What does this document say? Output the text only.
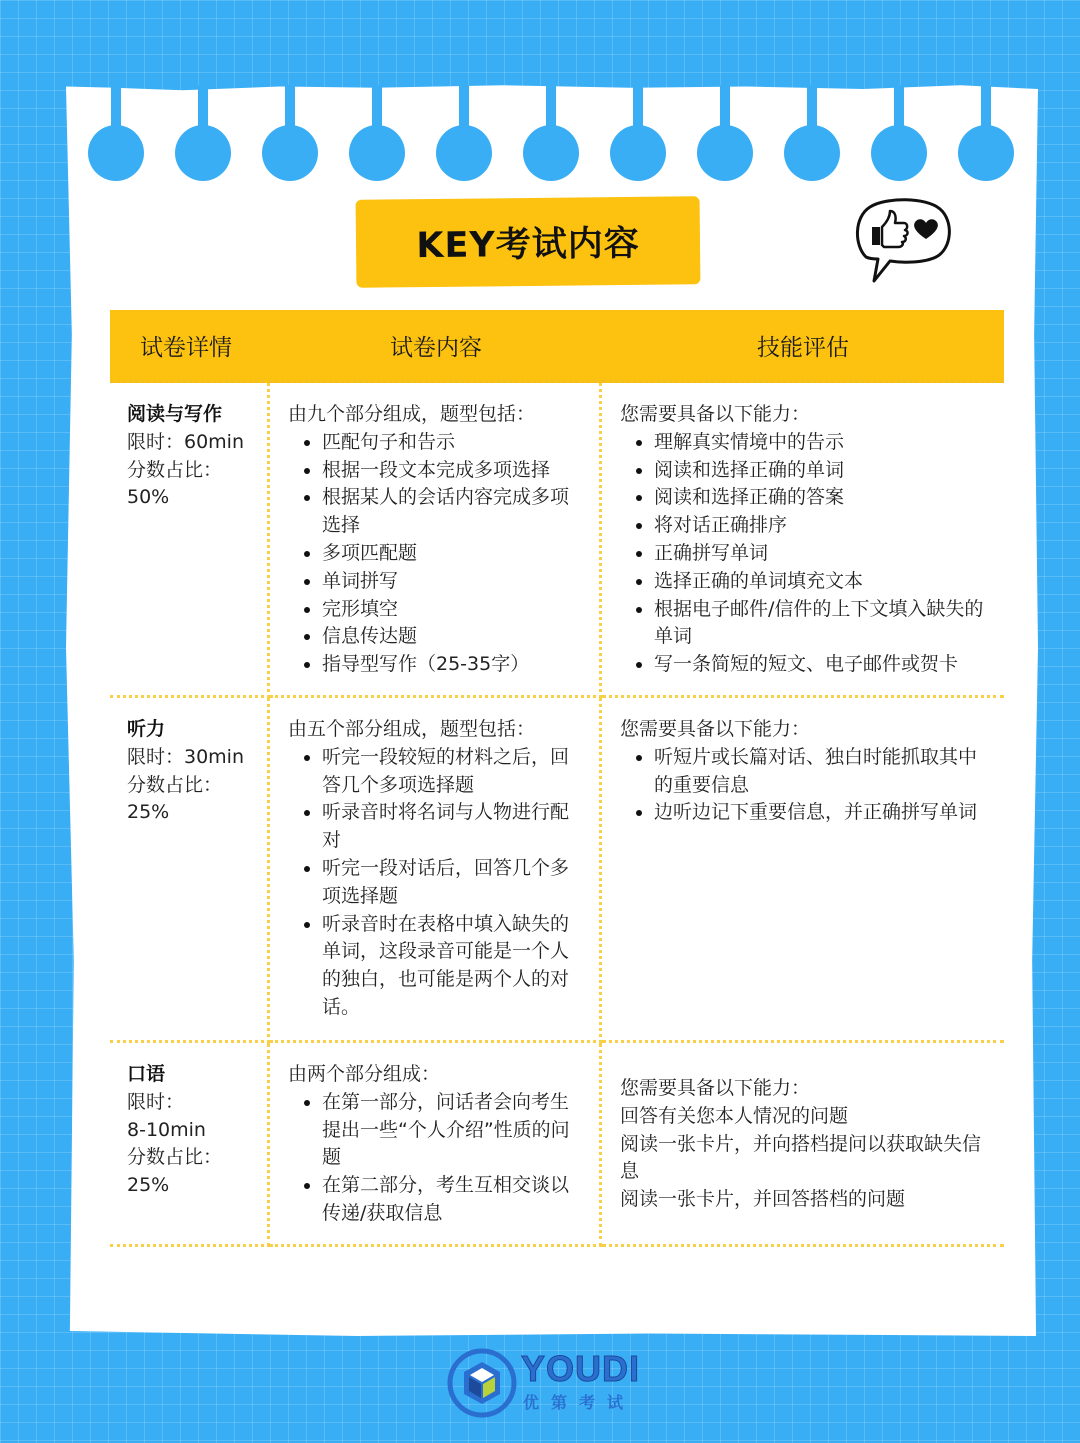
KEY考试内容
试卷详情	试卷内容	技能评估
阅读与写作
限时：60min
分数占比：
50%
由九个部分组成，题型包括：
• 匹配句子和告示
• 根据一段文本完成多项选择
• 根据某人的会话内容完成多项选择
• 多项匹配题
• 单词拼写
• 完形填空
• 信息传达题
• 指导型写作（25-35字）
您需要具备以下能力：
• 理解真实情境中的告示
• 阅读和选择正确的单词
• 阅读和选择正确的答案
• 将对话正确排序
• 正确拼写单词
• 选择正确的单词填充文本
• 根据电子邮件/信件的上下文填入缺失的单词
• 写一条简短的短文、电子邮件或贺卡
听力
限时：30min
分数占比：
25%
由五个部分组成，题型包括：
• 听完一段较短的材料之后，回答几个多项选择题
• 听录音时将名词与人物进行配对
• 听完一段对话后，回答几个多项选择题
• 听录音时在表格中填入缺失的单词，这段录音可能是一个人的独白，也可能是两个人的对话。
您需要具备以下能力：
• 听短片或长篇对话、独白时能抓取其中的重要信息
• 边听边记下重要信息，并正确拼写单词
口语
限时：
8-10min
分数占比：
25%
由两个部分组成：
• 在第一部分，问话者会向考生提出一些“个人介绍”性质的问题
• 在第二部分，考生互相交谈以传递/获取信息
您需要具备以下能力：
回答有关您本人情况的问题
阅读一张卡片，并向搭档提问以获取缺失信息
阅读一张卡片，并回答搭档的问题
YOUDI
优第考试
